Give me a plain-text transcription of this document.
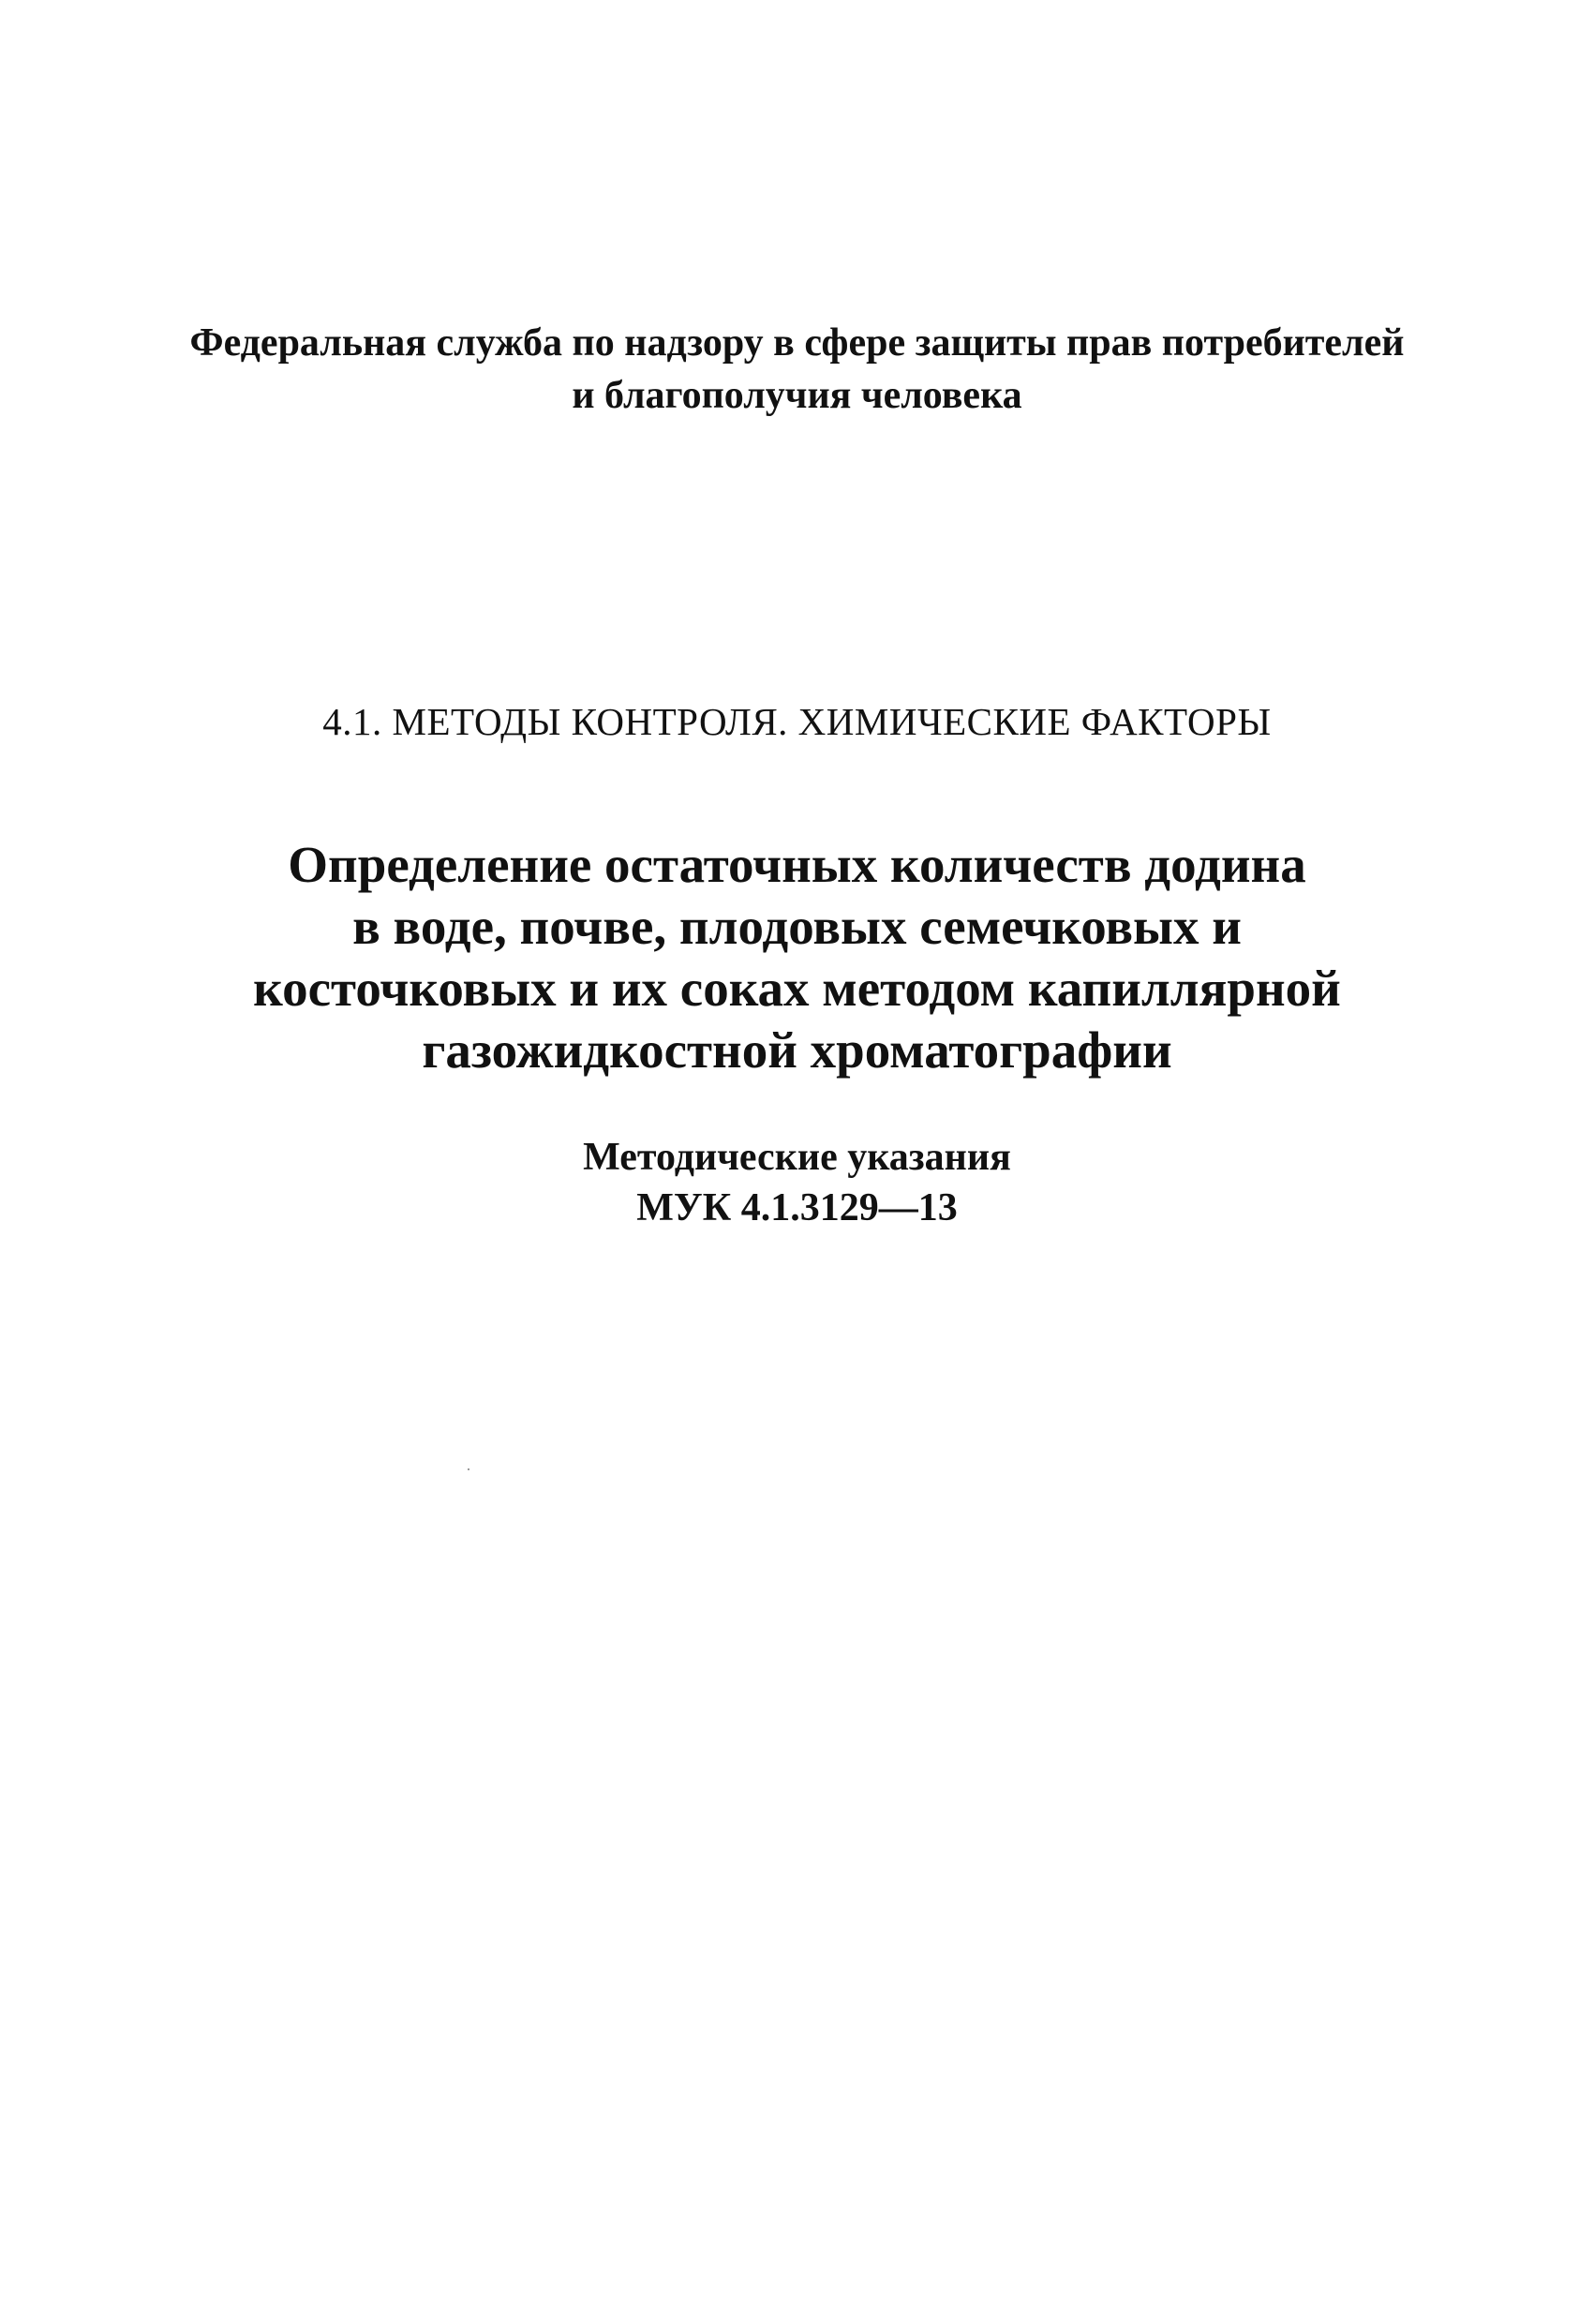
Федеральная служба по надзору в сфере защиты прав потребителей
и благополучия человека
4.1. МЕТОДЫ КОНТРОЛЯ. ХИМИЧЕСКИЕ ФАКТОРЫ
Определение остаточных количеств додина
в воде, почве, плодовых семечковых и
косточковых и их соках методом капиллярной
газожидкостной хроматографии
Методические указания
МУК 4.1.3129—13
